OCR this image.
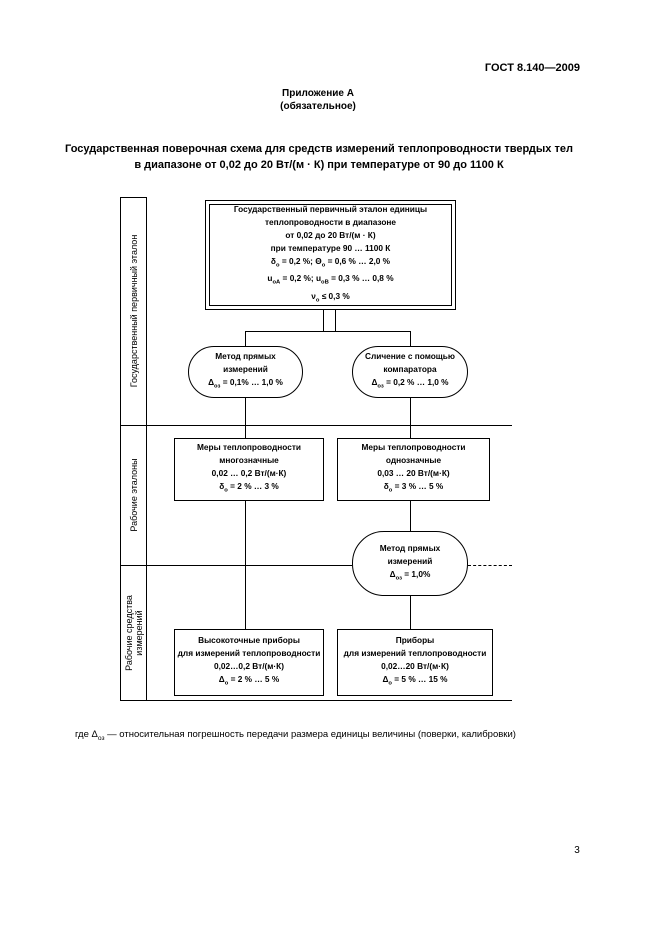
ГОСТ 8.140—2009
Приложение А
(обязательное)
Государственная поверочная схема для средств измерений теплопроводности твердых тел
в диапазоне от 0,02 до 20 Вт/(м · К) при температуре от 90 до 1100 К
Государственный первичный эталон
Рабочие эталоны
Рабочие средства измерений
Государственный первичный эталон единицы
теплопроводности в диапазоне
от 0,02 до 20 Вт/(м · К)
при температуре 90 … 1100 К
$\delta_о = 0,2$ %; $\Theta_о = 0,6$ % … 2,0 %
$u_{оА} = 0,2$ %; $u_{оВ} = 0,3$ % … 0,8 %
$\nu_о \le 0,3$ %
Метод прямых
измерений
$\Delta_{оз} = 0,1\%$ … 1,0 %
Сличение с помощью
компаратора
$\Delta_{оз} = 0,2$ % … 1,0 %
Меры теплопроводности
многозначные
0,02 … 0,2 Вт/(м·К)
$\delta_о = 2$ % … 3 %
Меры теплопроводности
однозначные
0,03 … 20 Вт/(м·К)
$\delta_о = 3$ % … 5 %
Метод прямых
измерений
$\Delta_{оз} = 1,0\%$
Высокоточные приборы
для измерений теплопроводности
0,02…0,2 Вт/(м·К)
$\Delta_о = 2$ % … 5 %
Приборы
для измерений теплопроводности
0,02…20 Вт/(м·К)
$\Delta_о = 5$ % … 15 %
где $\Delta_{оз}$ — относительная погрешность передачи размера единицы величины (поверки, калибровки)
3
